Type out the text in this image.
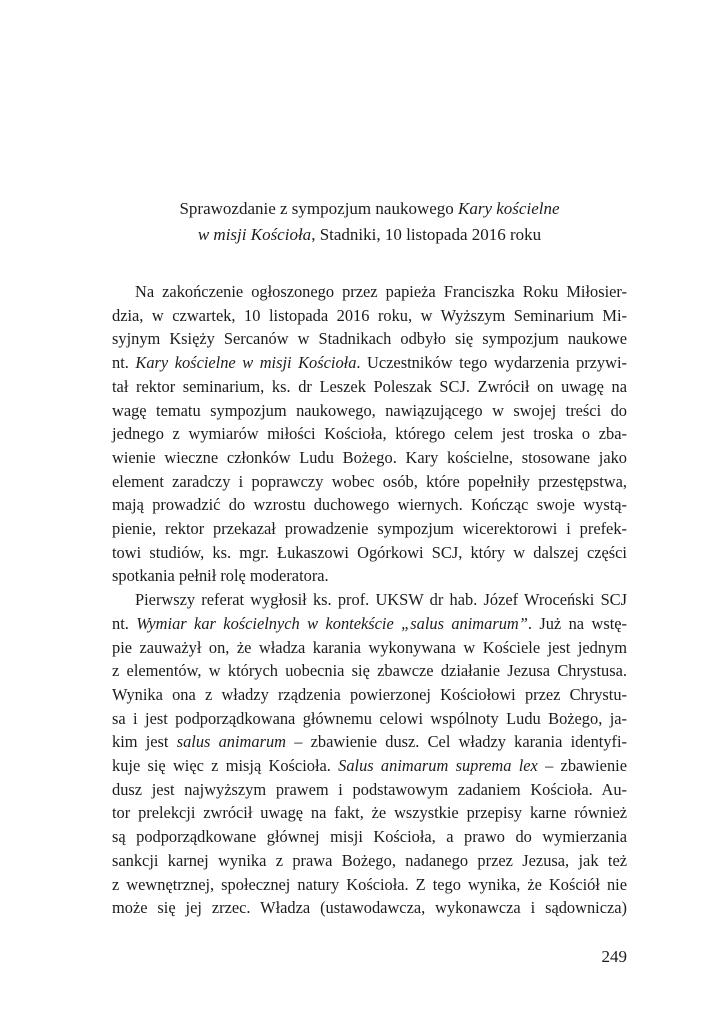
Sprawozdanie z sympozjum naukowego Kary kościelne
w misji Kościoła, Stadniki, 10 listopada 2016 roku
Na zakończenie ogłoszonego przez papieża Franciszka Roku Miłosier-
dzia, w czwartek, 10 listopada 2016 roku, w Wyższym Seminarium Mi-
syjnym Księży Sercanów w Stadnikach odbyło się sympozjum naukowe
nt. Kary kościelne w misji Kościoła. Uczestników tego wydarzenia przywi-
tał rektor seminarium, ks. dr Leszek Poleszak SCJ. Zwrócił on uwagę na
wagę tematu sympozjum naukowego, nawiązującego w swojej treści do
jednego z wymiarów miłości Kościoła, którego celem jest troska o zba-
wienie wieczne członków Ludu Bożego. Kary kościelne, stosowane jako
element zaradczy i poprawczy wobec osób, które popełniły przestępstwa,
mają prowadzić do wzrostu duchowego wiernych. Kończąc swoje wystą-
pienie, rektor przekazał prowadzenie sympozjum wicerektorowi i prefek-
towi studiów, ks. mgr. Łukaszowi Ogórkowi SCJ, który w dalszej części
spotkania pełnił rolę moderatora.
Pierwszy referat wygłosił ks. prof. UKSW dr hab. Józef Wroceński SCJ
nt. Wymiar kar kościelnych w kontekście „salus animarum”. Już na wstę-
pie zauważył on, że władza karania wykonywana w Kościele jest jednym
z elementów, w których uobecnia się zbawcze działanie Jezusa Chrystusa.
Wynika ona z władzy rządzenia powierzonej Kościołowi przez Chrystu-
sa i jest podporządkowana głównemu celowi wspólnoty Ludu Bożego, ja-
kim jest salus animarum – zbawienie dusz. Cel władzy karania identyfi-
kuje się więc z misją Kościoła. Salus animarum suprema lex – zbawienie
dusz jest najwyższym prawem i podstawowym zadaniem Kościoła. Au-
tor prelekcji zwrócił uwagę na fakt, że wszystkie przepisy karne również
są podporządkowane głównej misji Kościoła, a prawo do wymierzania
sankcji karnej wynika z prawa Bożego, nadanego przez Jezusa, jak też
z wewnętrznej, społecznej natury Kościoła. Z tego wynika, że Kościół nie
może się jej zrzec. Władza (ustawodawcza, wykonawcza i sądownicza)
249
